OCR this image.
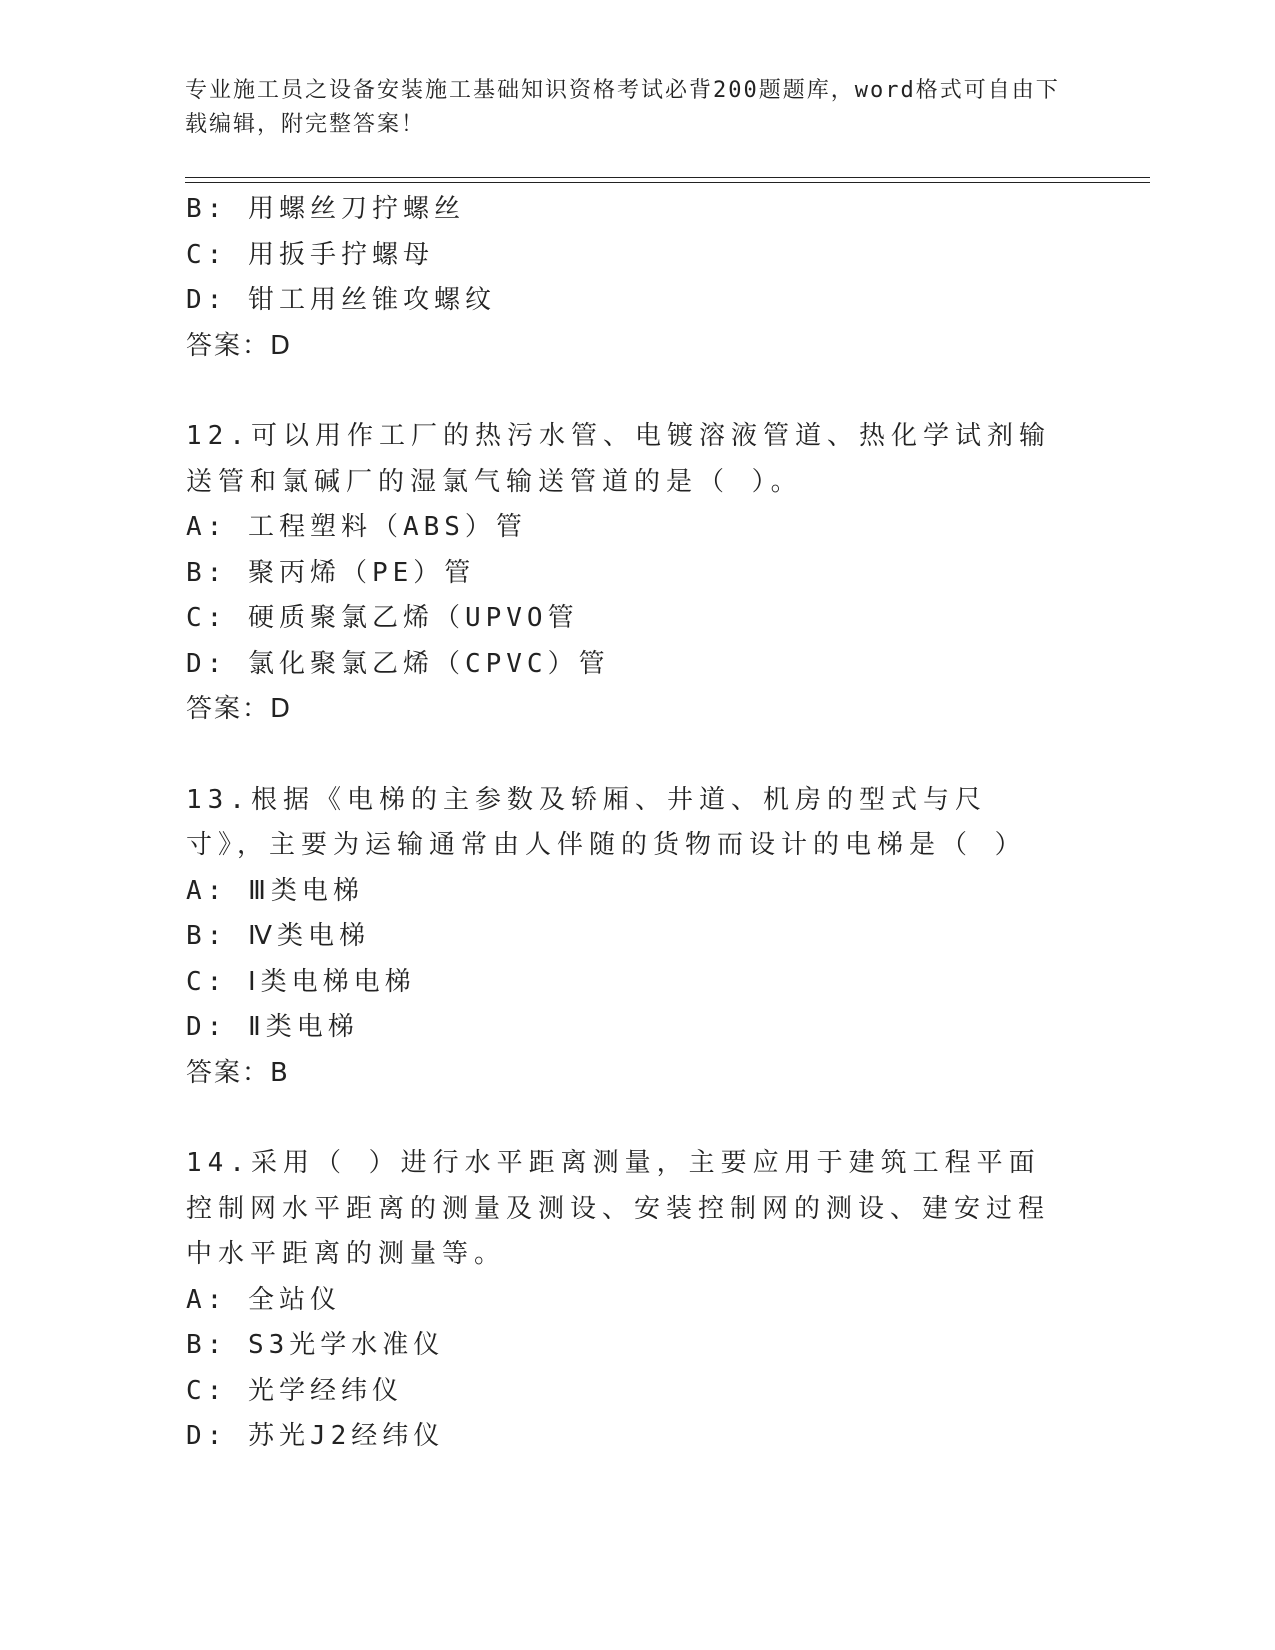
专业施工员之设备安装施工基础知识资格考试必背200题题库，word格式可自由下载编辑，附完整答案！
B: 用螺丝刀拧螺丝
C: 用扳手拧螺母
D: 钳工用丝锥攻螺纹
答案：D
12.可以用作工厂的热污水管、电镀溶液管道、热化学试剂输送管和氯碱厂的湿氯气输送管道的是（ ）。
A: 工程塑料（ABS）管
B: 聚丙烯（PE）管
C: 硬质聚氯乙烯（UPVO管
D: 氯化聚氯乙烯（CPVC）管
答案：D
13.根据《电梯的主参数及轿厢、井道、机房的型式与尺寸》，主要为运输通常由人伴随的货物而设计的电梯是（ ）
A: Ⅲ类电梯
B: Ⅳ类电梯
C: Ⅰ类电梯电梯
D: Ⅱ类电梯
答案：B
14.采用（ ）进行水平距离测量，主要应用于建筑工程平面控制网水平距离的测量及测设、安装控制网的测设、建安过程中水平距离的测量等。
A: 全站仪
B: S3光学水准仪
C: 光学经纬仪
D: 苏光J2经纬仪
